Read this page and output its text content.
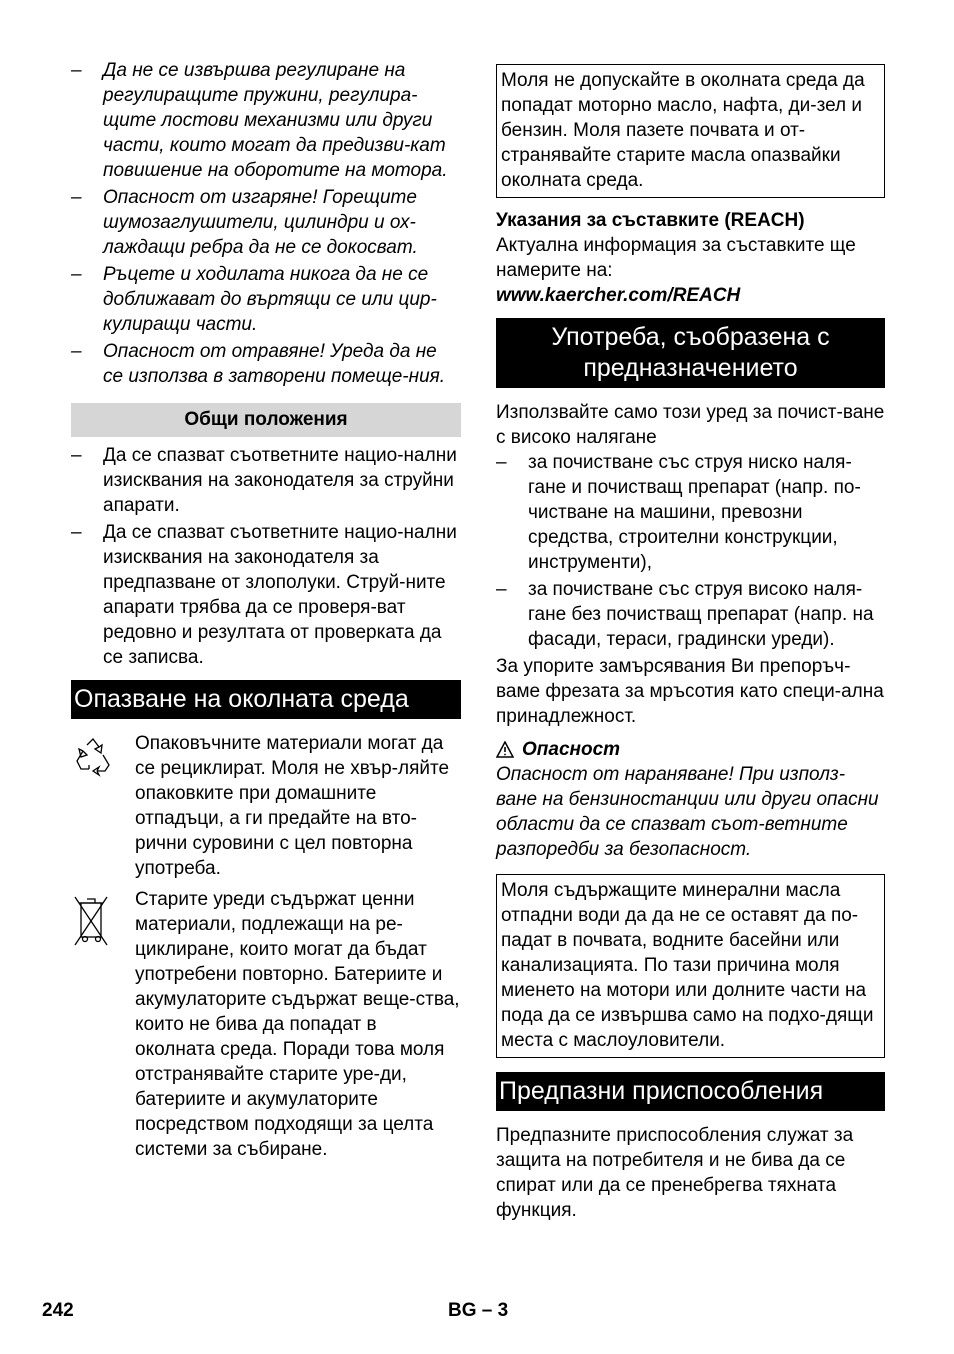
– Да не се извършва регулиране на регулиращите пружини, регулира-щите лостови механизми или други части, които могат да предизви-кат повишение на оборотите на мотора.
– Опасност от изгаряне! Горещите шумозаглушители, цилиндри и ох-лаждащи ребра да не се докосват.
– Ръцете и ходилата никога да не се доближават до въртящи се или цир-кулиращи части.
– Опасност от отравяне! Уреда да не се използва в затворени помеще-ния.
Общи положения
– Да се спазват съответните нацио-нални изисквания на законодателя за струйни апарати.
– Да се спазват съответните нацио-нални изисквания на законодателя за предпазване от злополуки. Струй-ните апарати трябва да се проверя-ват редовно и резултата от проверката да се записва.
Опазване на околната среда

Опаковъчните материали могат да се рециклират. Моля не хвър-ляйте опаковките при домашните отпадъци, а ги предайте на вто-рични суровини с цел повторна употреба.

Старите уреди съдържат ценни материали, подлежащи на ре-циклиране, които могат да бъдат употребени повторно. Батериите и акумулаторите съдържат веще-ства, които не бива да попадат в околната среда. Поради това моля отстранявайте старите уре-ди, батериите и акумулаторите посредством подходящи за целта системи за събиране.

Моля не допускайте в околната среда да попадат моторно масло, нафта, ди-зел и бензин. Моля пазете почвата и от-странявайте старите масла опазвайки околната среда.

Указания за съставките (REACH)

Актуална информация за съставките ще намерите на:

www.kaercher.com/REACH

Употреба, съобразена с предназначението

Използвайте само този уред за почист-ване с високо налягане

– за почистване със струя ниско наля-гане и почистващ препарат (напр. по-чистване на машини, превозни средства, строителни конструкции, инструменти),
– за почистване със струя високо наля-гане без почистващ препарат (напр. на фасади, тераси, градински уреди).

За упорите замърсявания Ви препоръч-ваме фрезата за мръсотия като специ-ална принадлежност.

Опасност

Опасност от нараняване! При използ-ване на бензиностанции или други опасни области да се спазват съот-ветните разпоредби за безопасност.

Моля съдържащите минерални масла отпадни води да да не се оставят да по-падат в почвата, водните басейни или канализацията. По тази причина моля миенето на мотори или долните части на пода да се извършва само на подхо-дящи места с маслоуловители.

Предпазни приспособления

Предпазните приспособления служат за защита на потребителя и не бива да се спират или да се пренебрегва тяхната функция.

242	BG – 3
